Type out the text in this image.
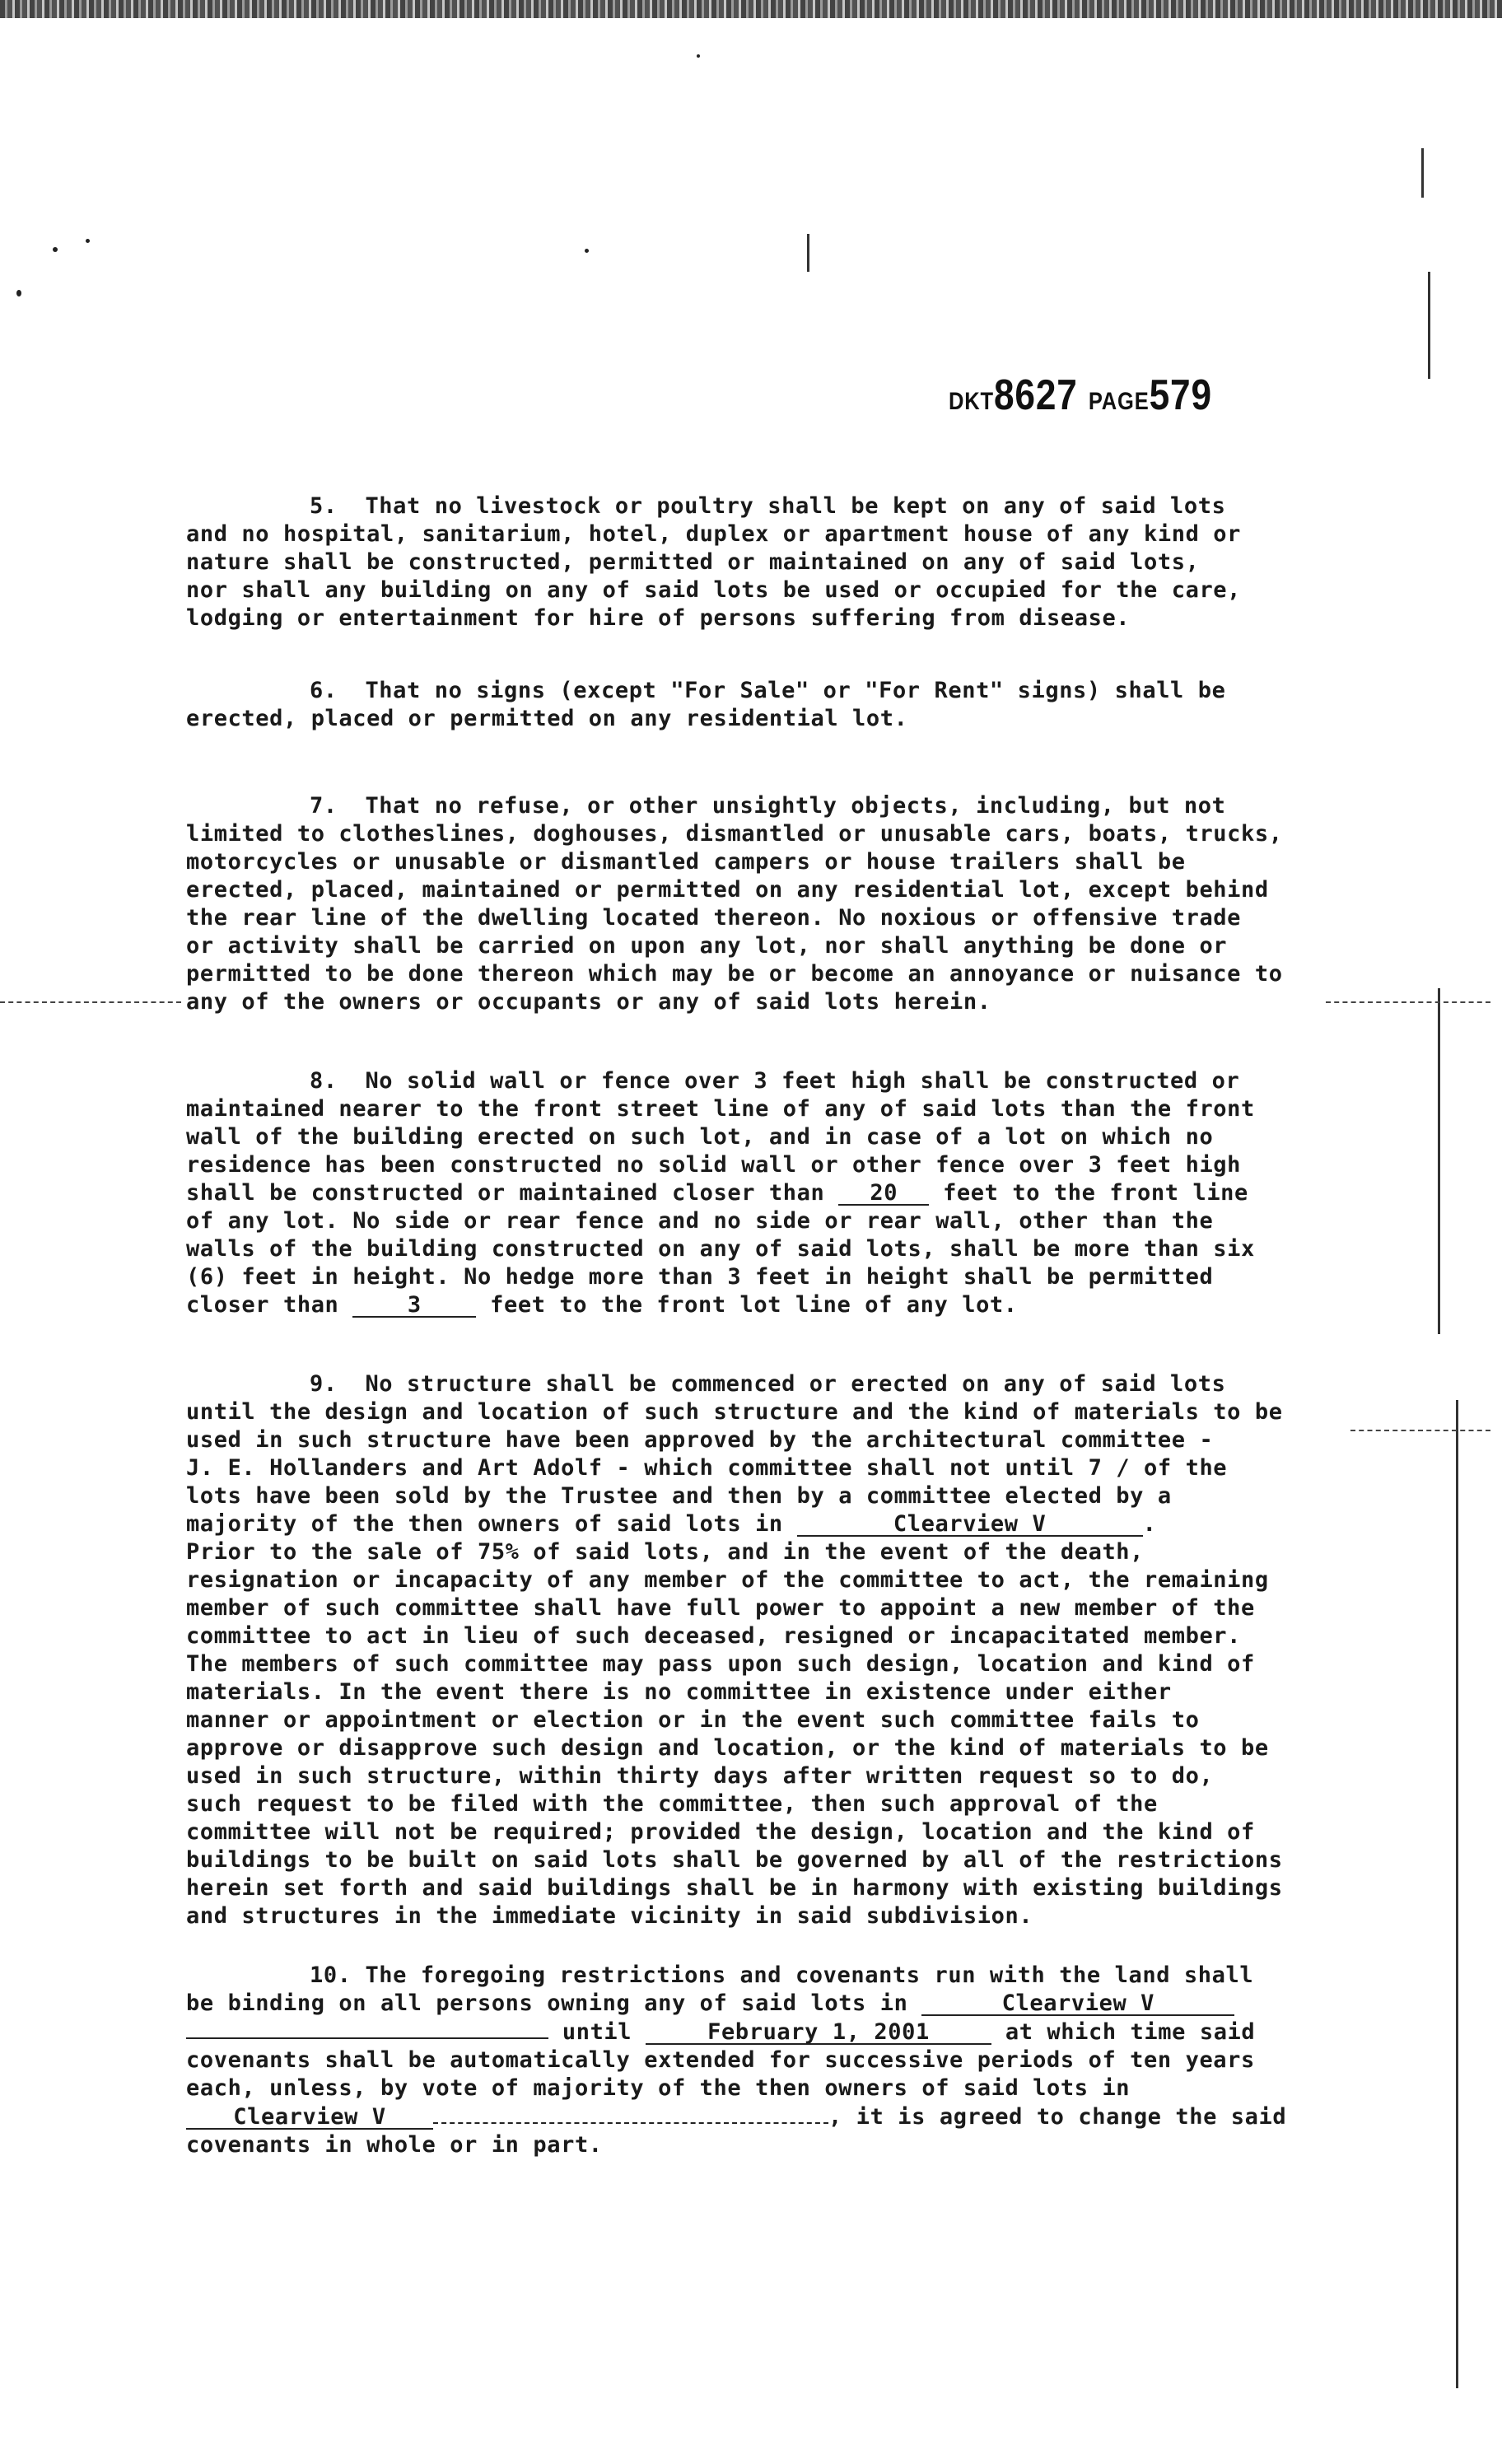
DKT8627 PAGE579
5. That no livestock or poultry shall be kept on any of said lots
and no hospital, sanitarium, hotel, duplex or apartment house of any kind or
nature shall be constructed, permitted or maintained on any of said lots,
nor shall any building on any of said lots be used or occupied for the care,
lodging or entertainment for hire of persons suffering from disease.
6. That no signs (except "For Sale" or "For Rent" signs) shall be
erected, placed or permitted on any residential lot.
7. That no refuse, or other unsightly objects, including, but not
limited to clotheslines, doghouses, dismantled or unusable cars, boats, trucks,
motorcycles or unusable or dismantled campers or house trailers shall be
erected, placed, maintained or permitted on any residential lot, except behind
the rear line of the dwelling located thereon. No noxious or offensive trade
or activity shall be carried on upon any lot, nor shall anything be done or
permitted to be done thereon which may be or become an annoyance or nuisance to
any of the owners or occupants or any of said lots herein.
8. No solid wall or fence over 3 feet high shall be constructed or
maintained nearer to the front street line of any of said lots than the front
wall of the building erected on such lot, and in case of a lot on which no
residence has been constructed no solid wall or other fence over 3 feet high
shall be constructed or maintained closer than 20 feet to the front line
of any lot. No side or rear fence and no side or rear wall, other than the
walls of the building constructed on any of said lots, shall be more than six
(6) feet in height. No hedge more than 3 feet in height shall be permitted
closer than	3	feet to the front lot line of any lot.
9. No structure shall be commenced or erected on any of said lots
until the design and location of such structure and the kind of materials to be
used in such structure have been approved by the architectural committee -
J. E. Hollanders and Art Adolf - which committee shall not until 7 / of the
lots have been sold by the Trustee and then by a committee elected by a
majority of the then owners of said lots in	Clearview V	.
Prior to the sale of 75% of said lots, and in the event of the death,
resignation or incapacity of any member of the committee to act, the remaining
member of such committee shall have full power to appoint a new member of the
committee to act in lieu of such deceased, resigned or incapacitated member.
The members of such committee may pass upon such design, location and kind of
materials. In the event there is no committee in existence under either
manner or appointment or election or in the event such committee fails to
approve or disapprove such design and location, or the kind of materials to be
used in such structure, within thirty days after written request so to do,
such request to be filed with the committee, then such approval of the
committee will not be required; provided the design, location and the kind of
buildings to be built on said lots shall be governed by all of the restrictions
herein set forth and said buildings shall be in harmony with existing buildings
and structures in the immediate vicinity in said subdivision.
10. The foregoing restrictions and covenants run with the land shall
be binding on all persons owning any of said lots in	Clearview V
until	February 1, 2001	at which time said
covenants shall be automatically extended for successive periods of ten years
each, unless, by vote of majority of the then owners of said lots in
Clearview V	, it is agreed to change the said
covenants in whole or in part.
